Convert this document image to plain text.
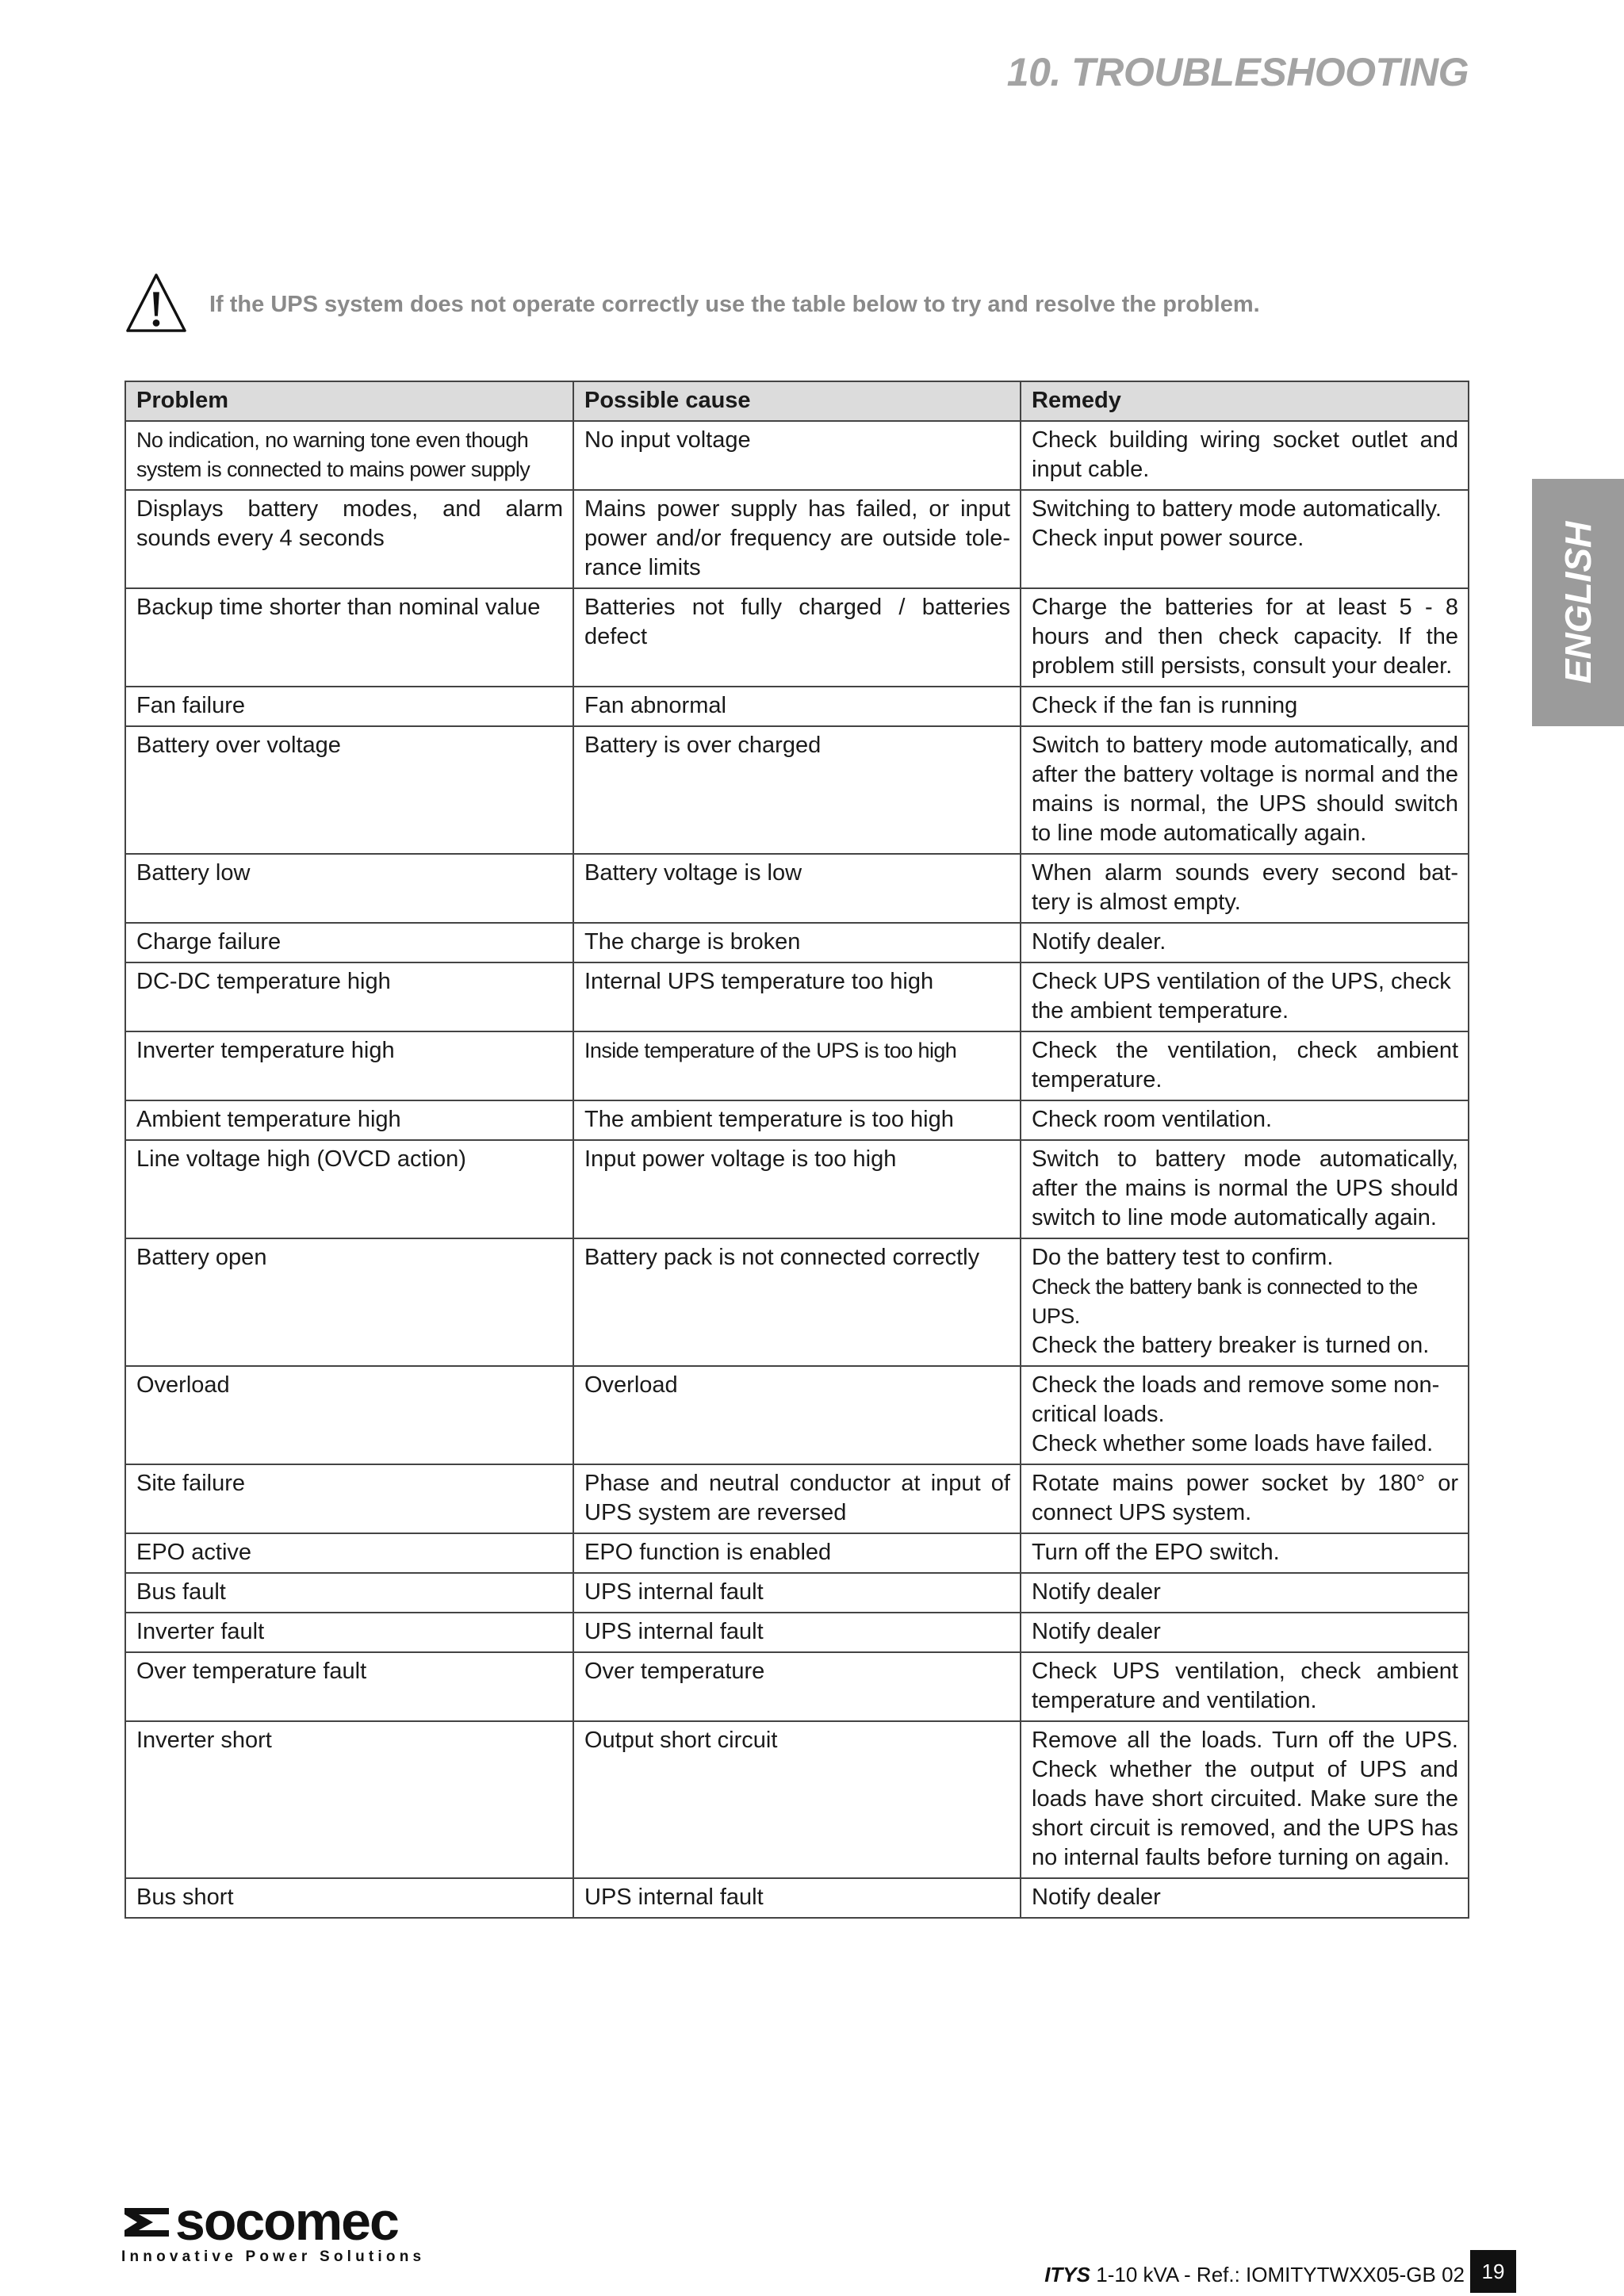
10. TROUBLESHOOTING
If the UPS system does not operate correctly use the table below to try and resolve the problem.
ENGLISH
Problem	Possible cause	Remedy
No indication, no warning tone even though system is connected to mains power supply	No input voltage	Check building wiring socket outlet and input cable.
Displays battery modes, and alarm sounds every 4 seconds	Mains power supply has failed, or input power and/or frequency are outside tole-rance limits	Switching to battery mode automatically. Check input power source.
Backup time shorter than nominal value	Batteries not fully charged / batteries defect	Charge the batteries for at least 5 - 8 hours and then check capacity. If the problem still persists, consult your dealer.
Fan failure	Fan abnormal	Check if the fan is running
Battery over voltage	Battery is over charged	Switch to battery mode automatically, and after the battery voltage is normal and the mains is normal, the UPS should switch to line mode automatically again.
Battery low	Battery voltage is low	When alarm sounds every second bat-tery is almost empty.
Charge failure	The charge is broken	Notify dealer.
DC-DC temperature high	Internal UPS temperature too high	Check UPS ventilation of the UPS, check the ambient temperature.
Inverter temperature high	Inside temperature of the UPS is too high	Check the ventilation, check ambient temperature.
Ambient temperature high	The ambient temperature is too high	Check room ventilation.
Line voltage high (OVCD action)	Input power voltage is too high	Switch to battery mode automatically, after the mains is normal the UPS should switch to line mode automatically again.
Battery open	Battery pack is not connected correctly	Do the battery test to confirm.
Check the battery bank is connected to the UPS.
Check the battery breaker is turned on.

Overload	Overload	Check the loads and remove some non-critical loads.
Check whether some loads have failed.

Site failure	Phase and neutral conductor at input of UPS system are reversed	Rotate mains power socket by 180° or connect UPS system.
EPO active	EPO function is enabled	Turn off the EPO switch.
Bus fault	UPS internal fault	Notify dealer
Inverter fault	UPS internal fault	Notify dealer
Over temperature fault	Over temperature	Check UPS ventilation, check ambient temperature and ventilation.
Inverter short	Output short circuit	Remove all the loads. Turn off the UPS. Check whether the output of UPS and loads have short circuited. Make sure the short circuit is removed, and the UPS has no internal faults before turning on again.
Bus short	UPS internal fault	Notify dealer
socomec
Innovative Power Solutions
ITYS 1-10 kVA - Ref.: IOMITYTWXX05-GB 02 19
